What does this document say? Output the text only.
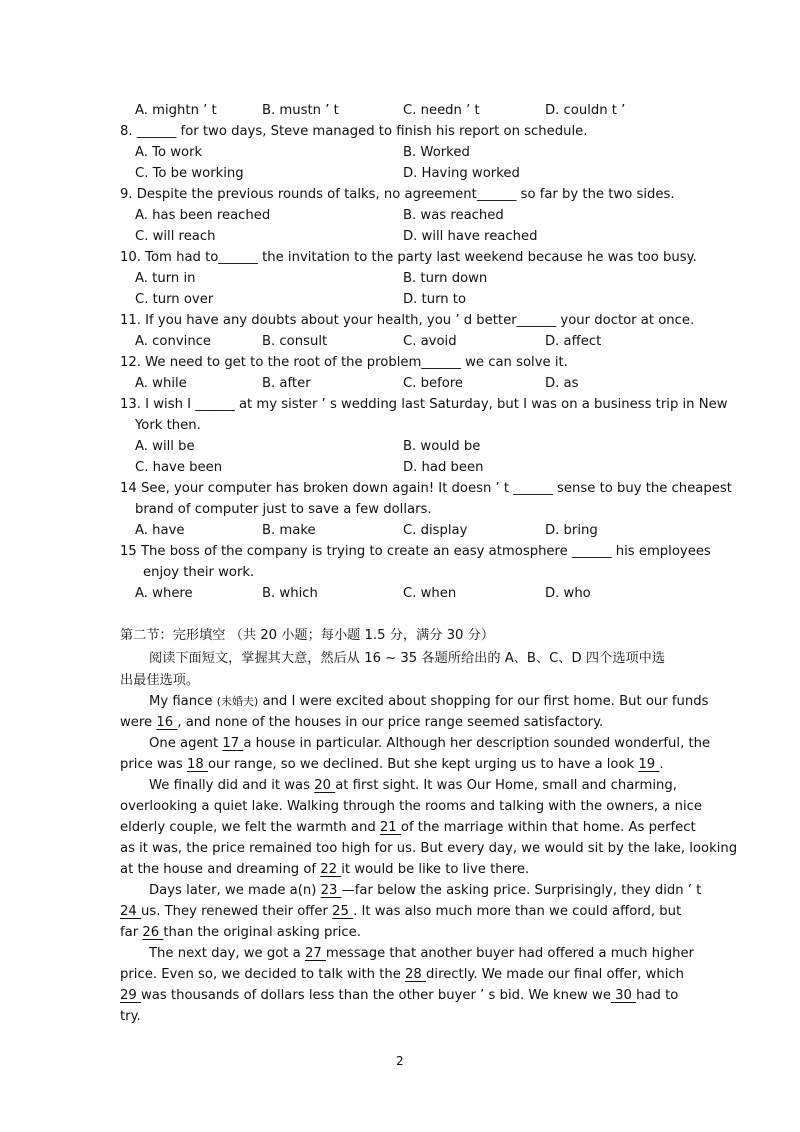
A. mightn ’ t	B. mustn ’ t	C. needn ’ t	D. couldn t ’
8. ______ for two days, Steve managed to finish his report on schedule.
A. To work	B. Worked
C. To be working	D. Having worked
9. Despite the previous rounds of talks, no agreement______ so far by the two sides.
A. has been reached	B. was reached
C. will reach	D. will have reached
10. Tom had to______ the invitation to the party last weekend because he was too busy.
A. turn in	B. turn down
C. turn over	D. turn to
11. If you have any doubts about your health, you ’ d better______ your doctor at once.
A. convince	B. consult	C. avoid	D. affect
12. We need to get to the root of the problem______ we can solve it.
A. while	B. after	C. before	D. as
13. I wish I ______ at my sister ’ s wedding last Saturday, but I was on a business trip in New
York then.
A. will be	B. would be
C. have been	D. had been
14 See, your computer has broken down again! It doesn ’ t ______ sense to buy the cheapest
brand of computer just to save a few dollars.
A. have	B. make	C. display	D. bring
15 The boss of the company is trying to create an easy atmosphere ______ his employees
enjoy their work.
A. where	B. which	C. when	D. who
第二节：完形填空 （共 20 小题；每小题 1.5 分，满分 30 分）
阅读下面短文，掌握其大意，然后从 16 ~ 35 各题所给出的 A、B、C、D 四个选项中选
出最佳选项。
My fiance (未婚夫) and I were excited about shopping for our first home. But our funds
were 16 , and none of the houses in our price range seemed satisfactory.
One agent 17 a house in particular. Although her description sounded wonderful, the
price was 18 our range, so we declined. But she kept urging us to have a look 19 .
We finally did and it was 20 at first sight. It was Our Home, small and charming,
overlooking a quiet lake. Walking through the rooms and talking with the owners, a nice
elderly couple, we felt the warmth and 21 of the marriage within that home. As perfect
as it was, the price remained too high for us. But every day, we would sit by the lake, looking
at the house and dreaming of 22 it would be like to live there.
Days later, we made a(n) 23 —far below the asking price. Surprisingly, they didn ’ t
24 us. They renewed their offer 25 . It was also much more than we could afford, but
far 26 than the original asking price.
The next day, we got a 27 message that another buyer had offered a much higher
price. Even so, we decided to talk with the 28 directly. We made our final offer, which
29 was thousands of dollars less than the other buyer ’ s bid. We knew we 30 had to
try.
2
